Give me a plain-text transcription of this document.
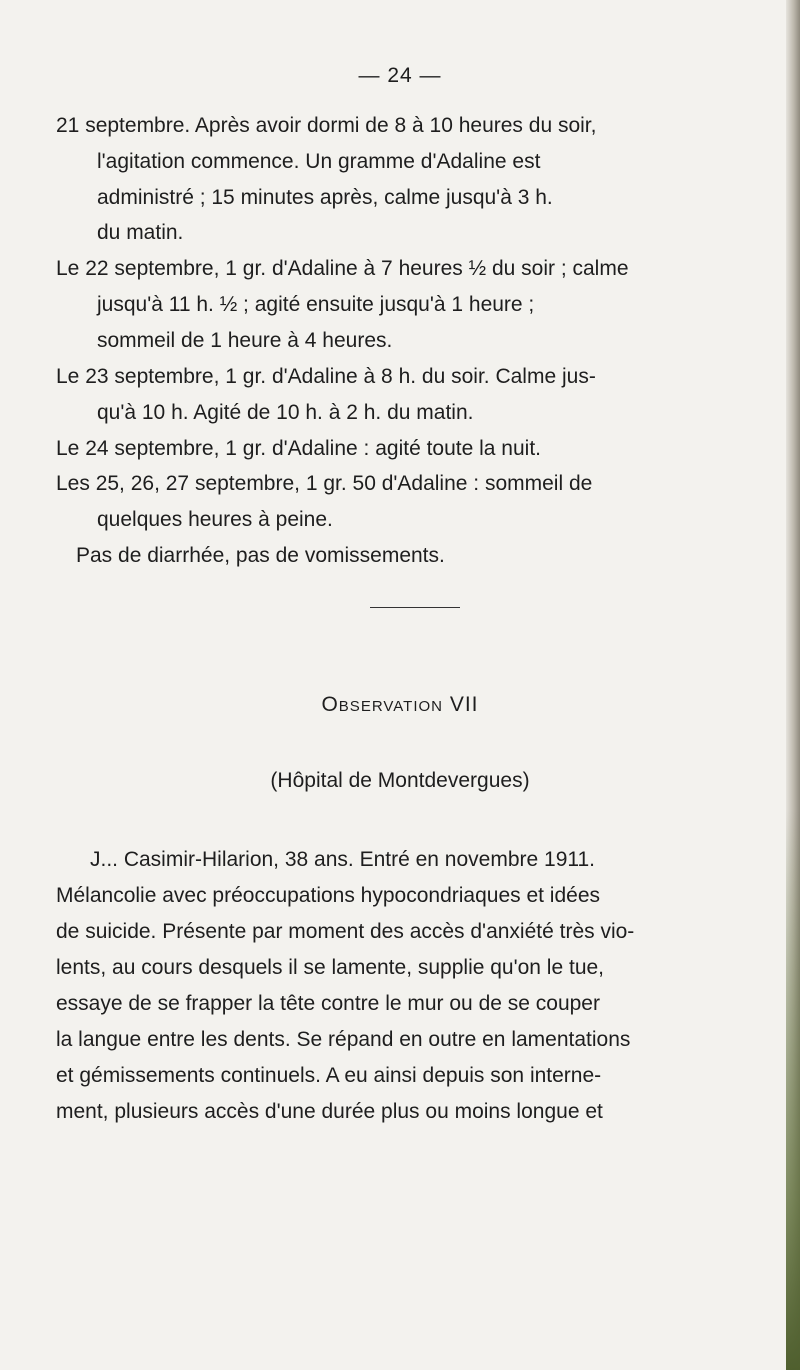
— 24 —
21 septembre. Après avoir dormi de 8 à 10 heures du soir,
l'agitation commence. Un gramme d'Adaline est
administré ; 15 minutes après, calme jusqu'à 3 h.
du matin.
Le 22 septembre, 1 gr. d'Adaline à 7 heures ½ du soir ; calme
jusqu'à 11 h. ½ ; agité ensuite jusqu'à 1 heure ;
sommeil de 1 heure à 4 heures.
Le 23 septembre, 1 gr. d'Adaline à 8 h. du soir. Calme jus-
qu'à 10 h. Agité de 10 h. à 2 h. du matin.
Le 24 septembre, 1 gr. d'Adaline : agité toute la nuit.
Les 25, 26, 27 septembre, 1 gr. 50 d'Adaline : sommeil de
quelques heures à peine.
Pas de diarrhée, pas de vomissements.
Observation VII
(Hôpital de Montdevergues)
J... Casimir-Hilarion, 38 ans. Entré en novembre 1911.
Mélancolie avec préoccupations hypocondriaques et idées
de suicide. Présente par moment des accès d'anxiété très vio-
lents, au cours desquels il se lamente, supplie qu'on le tue,
essaye de se frapper la tête contre le mur ou de se couper
la langue entre les dents. Se répand en outre en lamentations
et gémissements continuels. A eu ainsi depuis son interne-
ment, plusieurs accès d'une durée plus ou moins longue et
